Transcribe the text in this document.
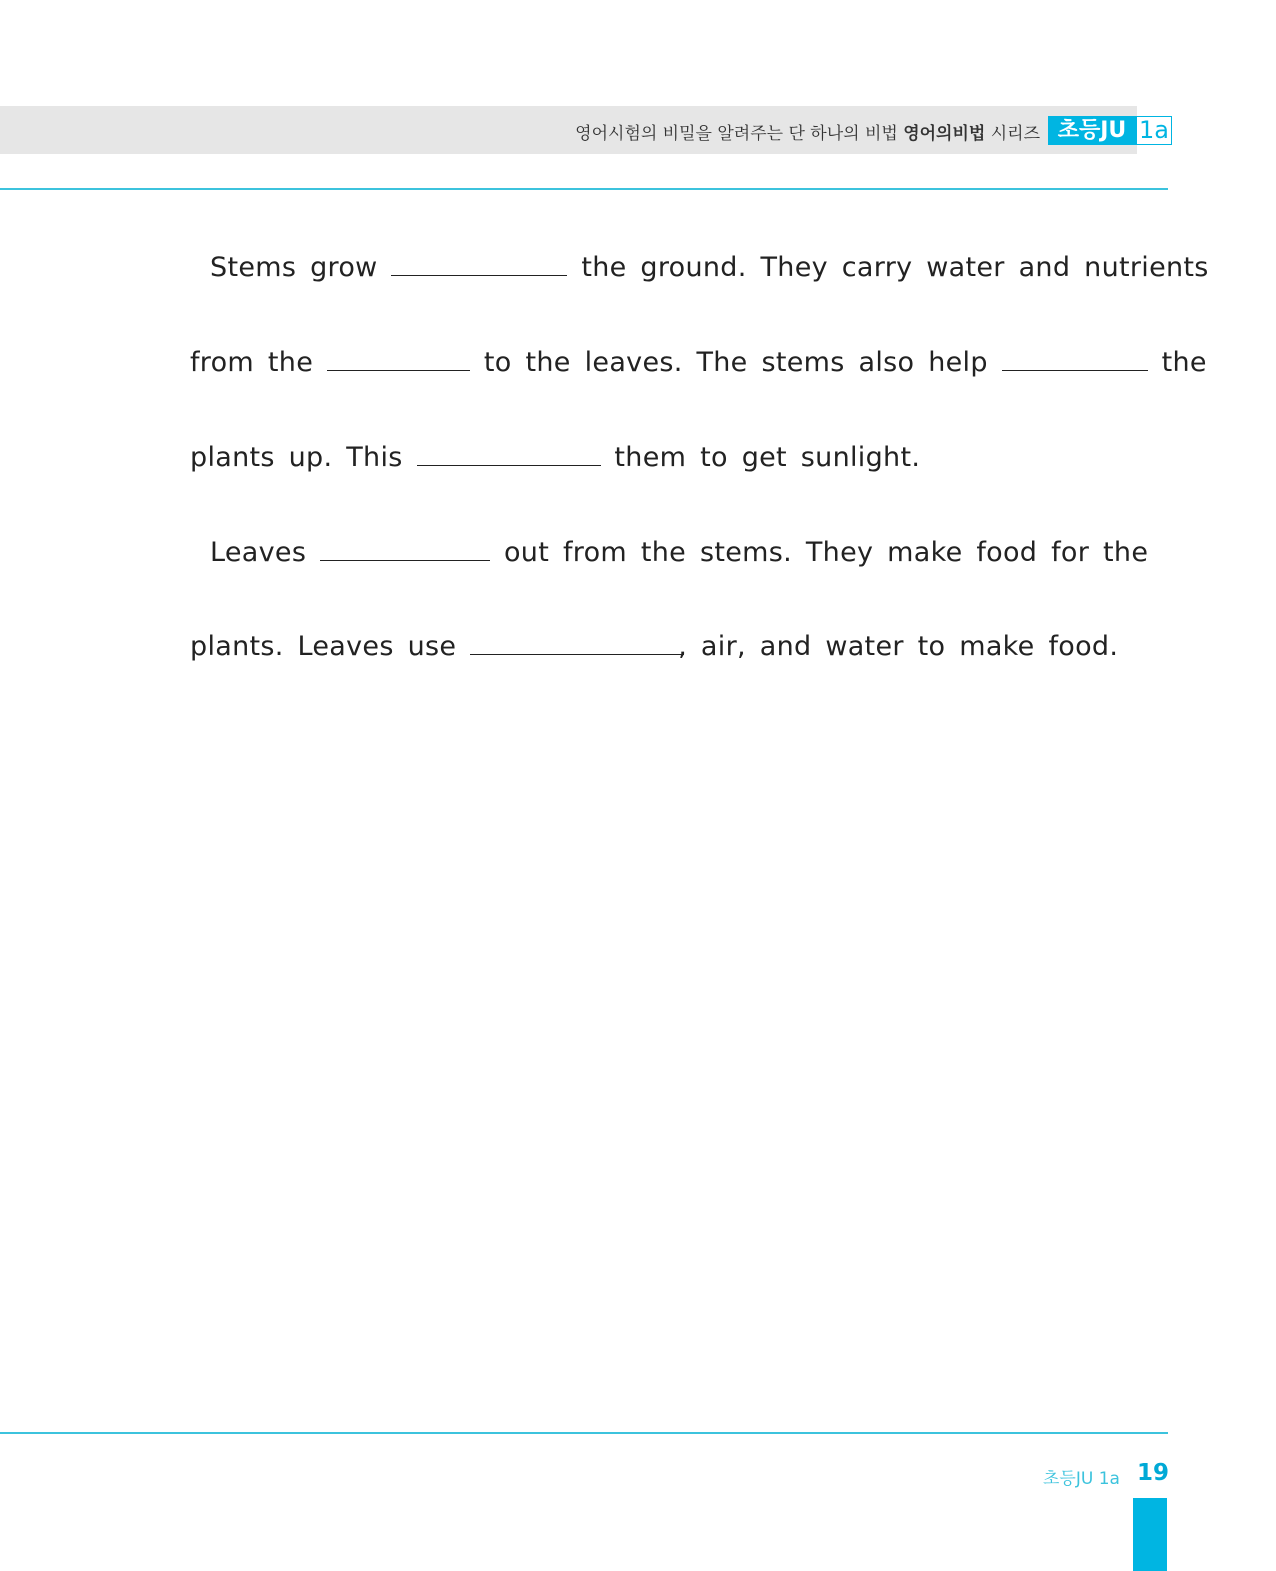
영어시험의 비밀을 알려주는 단 하나의 비법 영어의비법 시리즈 초등JU 1a
Stems grow	the ground. They carry water and nutrients
from the	to the leaves. The stems also help	the
plants up. This	them to get sunlight.
Leaves	out from the stems. They make food for the
plants. Leaves use	, air, and water to make food.
초등JU 1a 19
